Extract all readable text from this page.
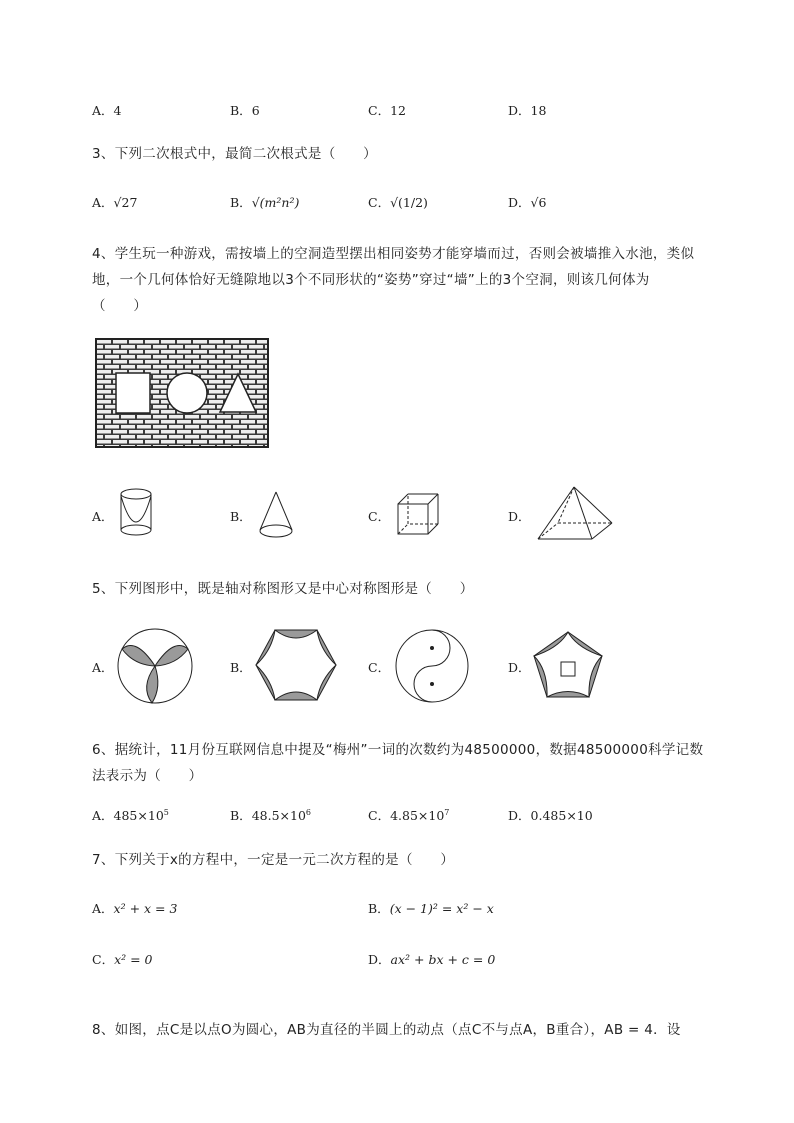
A．4	B．6	C．12	D．18
3、下列二次根式中，最简二次根式是（　　）
A．√27	B．√(m²n²)	C．√(1/2)	D．√6
4、学生玩一种游戏，需按墙上的空洞造型摆出相同姿势才能穿墙而过，否则会被墙推入水池，类似
地，一个几何体恰好无缝隙地以3个不同形状的“姿势”穿过“墙”上的3个空洞，则该几何体为
（　　）
A．	B．	C．	D．
5、下列图形中，既是轴对称图形又是中心对称图形是（　　）
A．	B．	C．	D．
6、据统计，11月份互联网信息中提及“梅州”一词的次数约为48500000，数据48500000科学记数
法表示为（　　）
A．$485\times 10^5$	B．$48.5\times 10^6$	C．$4.85\times 10^7$	D．0.485×10
7、下列关于x的方程中，一定是一元二次方程的是（　　）
A．x² + x = 3	B．(x − 1)² = x² − x
C．x² = 0	D．ax² + bx + c = 0
8、如图，点C是以点O为圆心，AB为直径的半圆上的动点（点C不与点A，B重合），AB = 4．设
